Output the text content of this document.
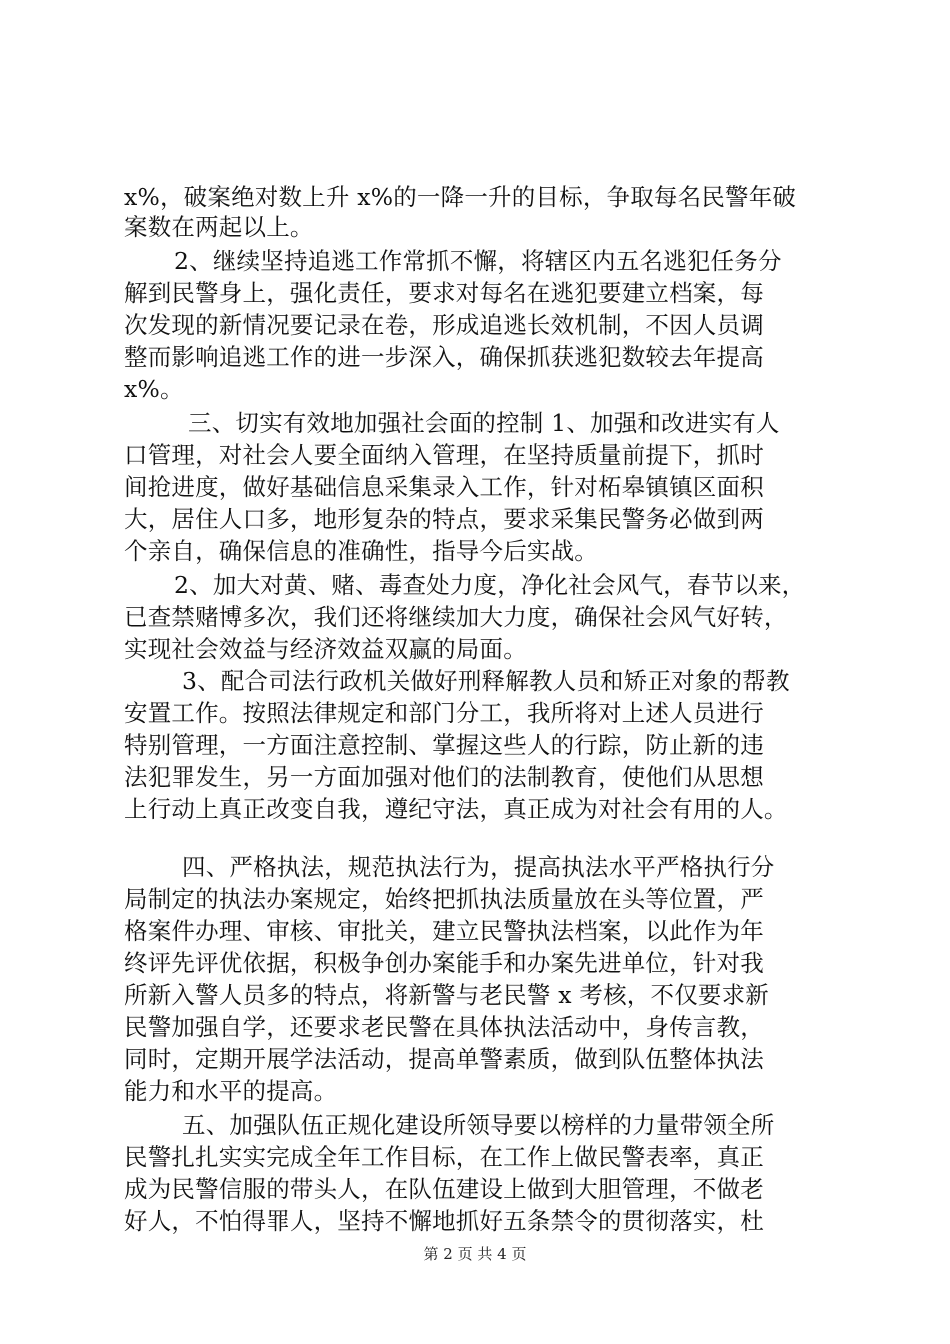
x%，破案绝对数上升 x%的一降一升的目标，争取每名民警年破
案数在两起以上。
2、继续坚持追逃工作常抓不懈，将辖区内五名逃犯任务分
解到民警身上，强化责任，要求对每名在逃犯要建立档案，每
次发现的新情况要记录在卷，形成追逃长效机制，不因人员调
整而影响追逃工作的进一步深入，确保抓获逃犯数较去年提高
x%。
三、切实有效地加强社会面的控制 1、加强和改进实有人
口管理，对社会人要全面纳入管理，在坚持质量前提下，抓时
间抢进度，做好基础信息采集录入工作，针对柘皋镇镇区面积
大，居住人口多，地形复杂的特点，要求采集民警务必做到两
个亲自，确保信息的准确性，指导今后实战。
2、加大对黄、赌、毒查处力度，净化社会风气，春节以来，
已查禁赌博多次，我们还将继续加大力度，确保社会风气好转，
实现社会效益与经济效益双赢的局面。
3、配合司法行政机关做好刑释解教人员和矫正对象的帮教
安置工作。按照法律规定和部门分工，我所将对上述人员进行
特别管理，一方面注意控制、掌握这些人的行踪，防止新的违
法犯罪发生，另一方面加强对他们的法制教育，使他们从思想
上行动上真正改变自我，遵纪守法，真正成为对社会有用的人。
四、严格执法，规范执法行为，提高执法水平严格执行分
局制定的执法办案规定，始终把抓执法质量放在头等位置，严
格案件办理、审核、审批关，建立民警执法档案，以此作为年
终评先评优依据，积极争创办案能手和办案先进单位，针对我
所新入警人员多的特点，将新警与老民警 x 考核，不仅要求新
民警加强自学，还要求老民警在具体执法活动中，身传言教，
同时，定期开展学法活动，提高单警素质，做到队伍整体执法
能力和水平的提高。
五、加强队伍正规化建设所领导要以榜样的力量带领全所
民警扎扎实实完成全年工作目标，在工作上做民警表率，真正
成为民警信服的带头人，在队伍建设上做到大胆管理，不做老
好人，不怕得罪人，坚持不懈地抓好五条禁令的贯彻落实，杜
第 2 页 共 4 页
